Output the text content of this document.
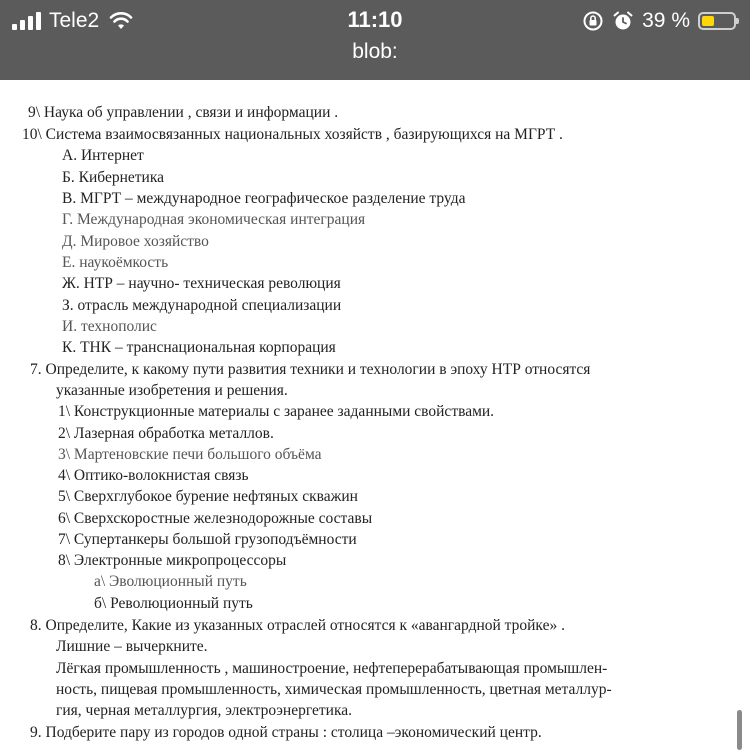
Tele2	11:10	39 %
blob:
9\ Наука об управлении , связи и информации .
10\ Система взаимосвязанных национальных хозяйств , базирующихся на МГРТ .
А. Интернет
Б. Кибернетика
В. МГРТ – международное географическое разделение труда
Г. Международная экономическая интеграция
Д. Мировое хозяйство
Е. наукоёмкость
Ж. НТР – научно- техническая революция
З. отрасль международной специализации
И. технополис
К. ТНК – транснациональная корпорация
7. Определите, к какому пути развития техники и технологии в эпоху НТР относятся
указанные изобретения и решения.
1\ Конструкционные материалы с заранее заданными свойствами.
2\ Лазерная обработка металлов.
3\ Мартеновские печи большого объёма
4\ Оптико-волокнистая связь
5\ Сверхглубокое бурение нефтяных скважин
6\ Сверхскоростные железнодорожные составы
7\ Супертанкеры большой грузоподъёмности
8\ Электронные микропроцессоры
а\ Эволюционный путь
б\ Революционный путь
8. Определите, Какие из указанных отраслей относятся к «авангардной тройке» .
Лишние – вычеркните.
Лёгкая промышленность , машиностроение, нефтеперерабатывающая промышлен-
ность, пищевая промышленность, химическая промышленность, цветная металлур-
гия, черная металлургия, электроэнергетика.
9. Подберите пару из городов одной страны : столица –экономический центр.
